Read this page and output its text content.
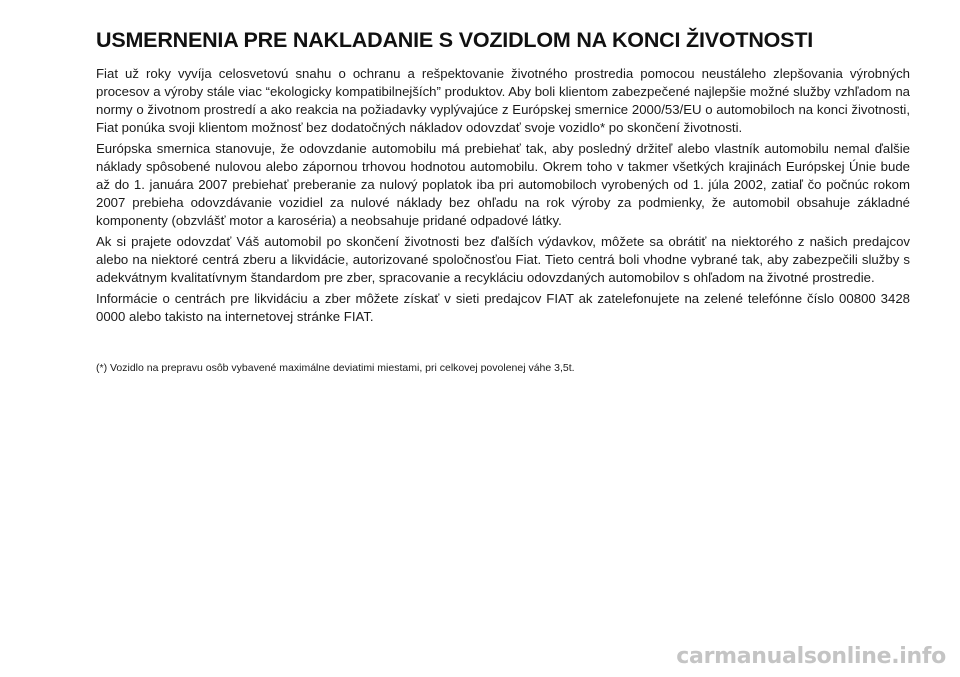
USMERNENIA PRE NAKLADANIE S VOZIDLOM NA KONCI ŽIVOTNOSTI

Fiat už roky vyvíja celosvetovú snahu o ochranu a rešpektovanie životného prostredia pomocou neustáleho zlepšovania výrobných procesov a výroby stále viac “ekologicky kompatibilnejších” produktov. Aby boli klientom zabezpečené najlepšie možné služby vzhľadom na normy o životnom prostredí a ako reakcia na požiadavky vyplývajúce z Európskej smernice 2000/53/EU o automobiloch na konci životnosti, Fiat ponúka svoji klientom možnosť bez dodatočných nákladov odovzdať svoje vozidlo* po skončení životnosti.

Európska smernica stanovuje, že odovzdanie automobilu má prebiehať tak, aby posledný držiteľ alebo vlastník automobilu nemal ďalšie náklady spôsobené nulovou alebo zápornou trhovou hodnotou automobilu. Okrem toho v takmer všetkých krajinách Európskej Únie bude až do 1. januára 2007 prebiehať preberanie za nulový poplatok iba pri automobiloch vyrobených od 1. júla 2002, zatiaľ čo počnúc rokom 2007 prebieha odovzdávanie vozidiel za nulové náklady bez ohľadu na rok výroby za podmienky, že automobil obsahuje základné komponenty (obzvlášť motor a karoséria) a neobsahuje pridané odpadové látky.

Ak si prajete odovzdať Váš automobil po skončení životnosti bez ďalších výdavkov, môžete sa obrátiť na niektorého z našich predajcov alebo na niektoré centrá zberu a likvidácie, autorizované spoločnosťou Fiat. Tieto centrá boli vhodne vybrané tak, aby zabezpečili služby s adekvátnym kvalitatívnym štandardom pre zber, spracovanie a recykláciu odovzdaných automobilov s ohľadom na životné prostredie.

Informácie o centrách pre likvidáciu a zber môžete získať v sieti predajcov FIAT ak zatelefonujete na zelené telefónne číslo 00800 3428 0000 alebo takisto na internetovej stránke FIAT.

(*) Vozidlo na prepravu osôb vybavené maximálne deviatimi miestami, pri celkovej povolenej váhe 3,5t.
carmanualsonline.info
